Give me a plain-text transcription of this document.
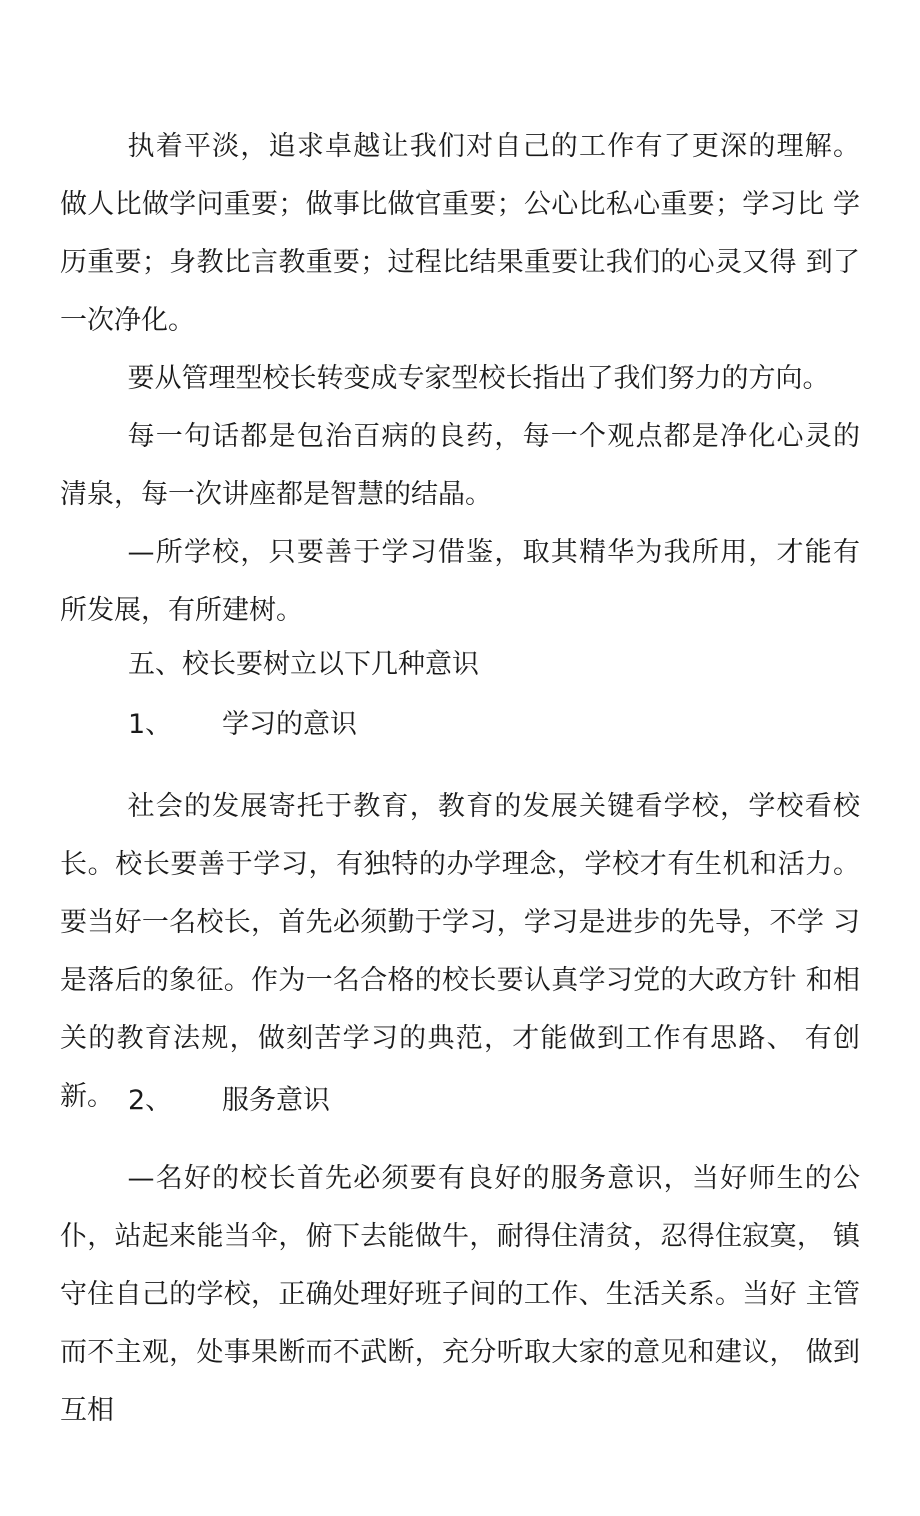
执着平淡，追求卓越让我们对自己的工作有了更深的理解。 做人比做学问重要；做事比做官重要；公心比私心重要；学习比 学历重要；身教比言教重要；过程比结果重要让我们的心灵又得 到了一次净化。

要从管理型校长转变成专家型校长指出了我们努力的方向。

每一句话都是包治百病的良药，每一个观点都是净化心灵的 清泉，每一次讲座都是智慧的结晶。

—所学校，只要善于学习借鉴，取其精华为我所用，才能有 所发展，有所建树。

五、校长要树立以下几种意识

1、 学习的意识

社会的发展寄托于教育，教育的发展关键看学校，学校看校 长。校长要善于学习，有独特的办学理念，学校才有生机和活力。 要当好一名校长，首先必须勤于学习，学习是进步的先导，不学 习是落后的象征。作为一名合格的校长要认真学习党的大政方针 和相关的教育法规，做刻苦学习的典范，才能做到工作有思路、 有创新。 2、 服务意识

—名好的校长首先必须要有良好的服务意识，当好师生的公 仆，站起来能当伞，俯下去能做牛，耐得住清贫，忍得住寂寞， 镇守住自己的学校，正确处理好班子间的工作、生活关系。当好 主管而不主观，处事果断而不武断，充分听取大家的意见和建议， 做到互相
